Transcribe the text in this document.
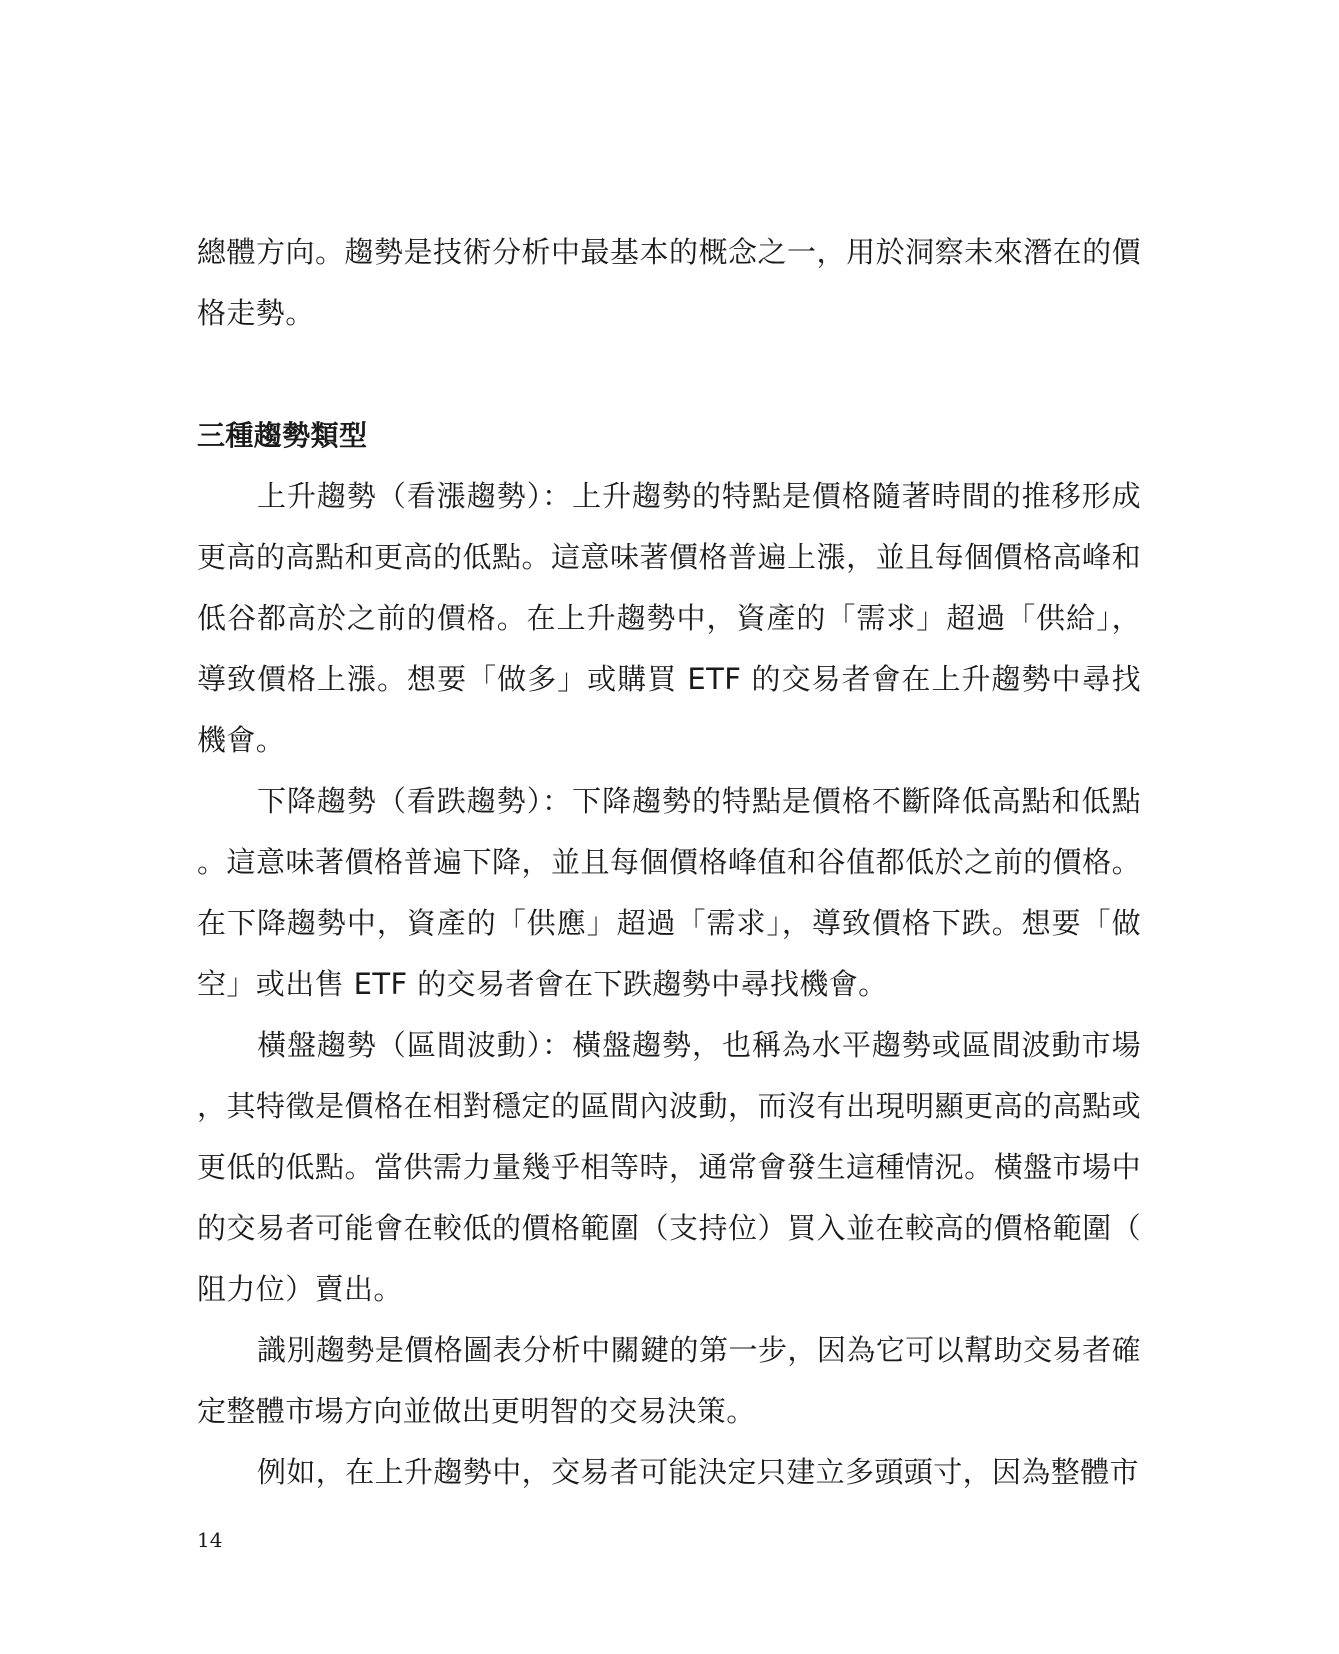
總體方向。趨勢是技術分析中最基本的概念之一，用於洞察未來潛在的價格走勢。

三種趨勢類型

上升趨勢（看漲趨勢）：上升趨勢的特點是價格隨著時間的推移形成更高的高點和更高的低點。這意味著價格普遍上漲，並且每個價格高峰和低谷都高於之前的價格。在上升趨勢中，資產的「需求」超過「供給」，導致價格上漲。想要「做多」或購買 ETF 的交易者會在上升趨勢中尋找機會。

下降趨勢（看跌趨勢）：下降趨勢的特點是價格不斷降低高點和低點。這意味著價格普遍下降，並且每個價格峰值和谷值都低於之前的價格。在下降趨勢中，資產的「供應」超過「需求」，導致價格下跌。想要「做空」或出售 ETF 的交易者會在下跌趨勢中尋找機會。

橫盤趨勢（區間波動）：橫盤趨勢，也稱為水平趨勢或區間波動市場，其特徵是價格在相對穩定的區間內波動，而沒有出現明顯更高的高點或更低的低點。當供需力量幾乎相等時，通常會發生這種情況。橫盤市場中的交易者可能會在較低的價格範圍（支持位）買入並在較高的價格範圍（阻力位）賣出。

識別趨勢是價格圖表分析中關鍵的第一步，因為它可以幫助交易者確定整體市場方向並做出更明智的交易決策。

例如，在上升趨勢中，交易者可能決定只建立多頭頭寸，因為整體市

14
